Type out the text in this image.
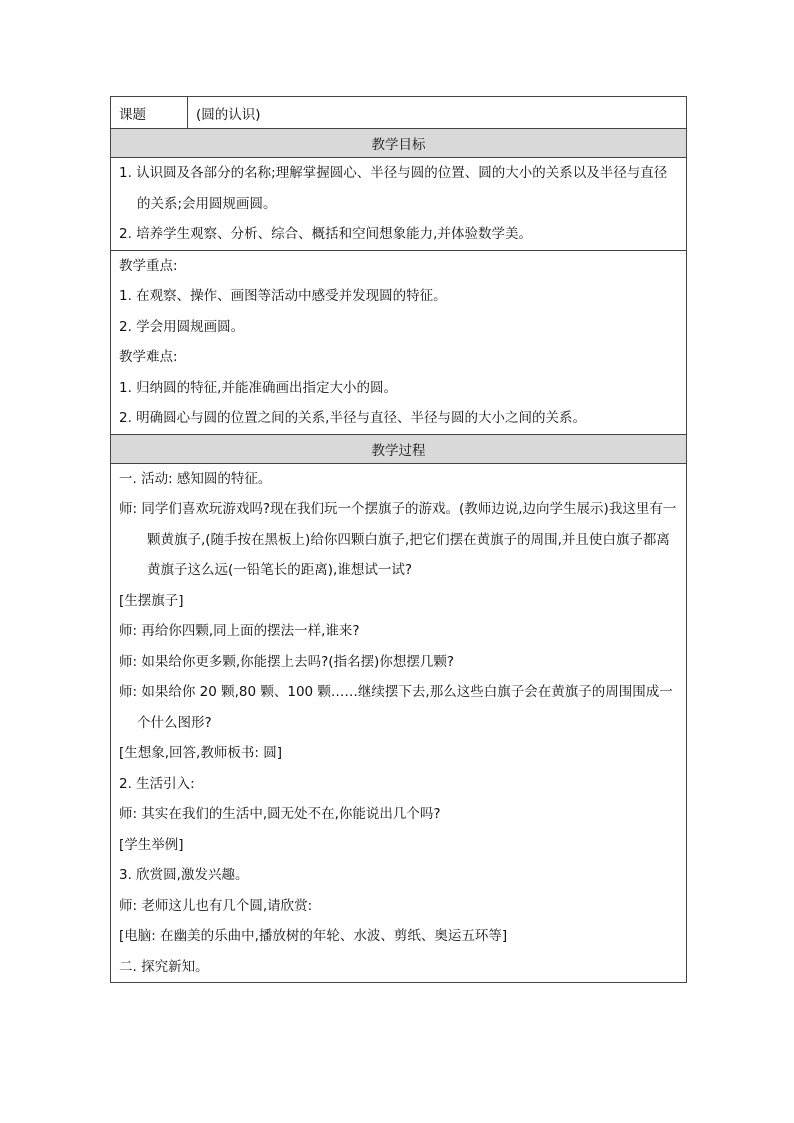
课题	(圆的认识)
教学目标

1. 认识圆及各部分的名称;理解掌握圆心、半径与圆的位置、圆的大小的关系以及半径与直径的关系;会用圆规画圆。
2. 培养学生观察、分析、综合、概括和空间想象能力,并体验数学美。

教学重点:
1. 在观察、操作、画图等活动中感受并发现圆的特征。
2. 学会用圆规画圆。
教学难点:
1. 归纳圆的特征,并能准确画出指定大小的圆。
2. 明确圆心与圆的位置之间的关系,半径与直径、半径与圆的大小之间的关系。

教学过程

一. 活动: 感知圆的特征。
师: 同学们喜欢玩游戏吗?现在我们玩一个摆旗子的游戏。(教师边说,边向学生展示)我这里有一颗黄旗子,(随手按在黑板上)给你四颗白旗子,把它们摆在黄旗子的周围,并且使白旗子都离黄旗子这么远(一铅笔长的距离),谁想试一试?
[生摆旗子]
师: 再给你四颗,同上面的摆法一样,谁来?
师: 如果给你更多颗,你能摆上去吗?(指名摆)你想摆几颗?
师: 如果给你 20 颗,80 颗、100 颗……继续摆下去,那么这些白旗子会在黄旗子的周围围成一个什么图形?
[生想象,回答,教师板书: 圆]
2. 生活引入:
师: 其实在我们的生活中,圆无处不在,你能说出几个吗?
[学生举例]
3. 欣赏圆,激发兴趣。
师: 老师这儿也有几个圆,请欣赏:
[电脑: 在幽美的乐曲中,播放树的年轮、水波、剪纸、奥运五环等]
二. 探究新知。
